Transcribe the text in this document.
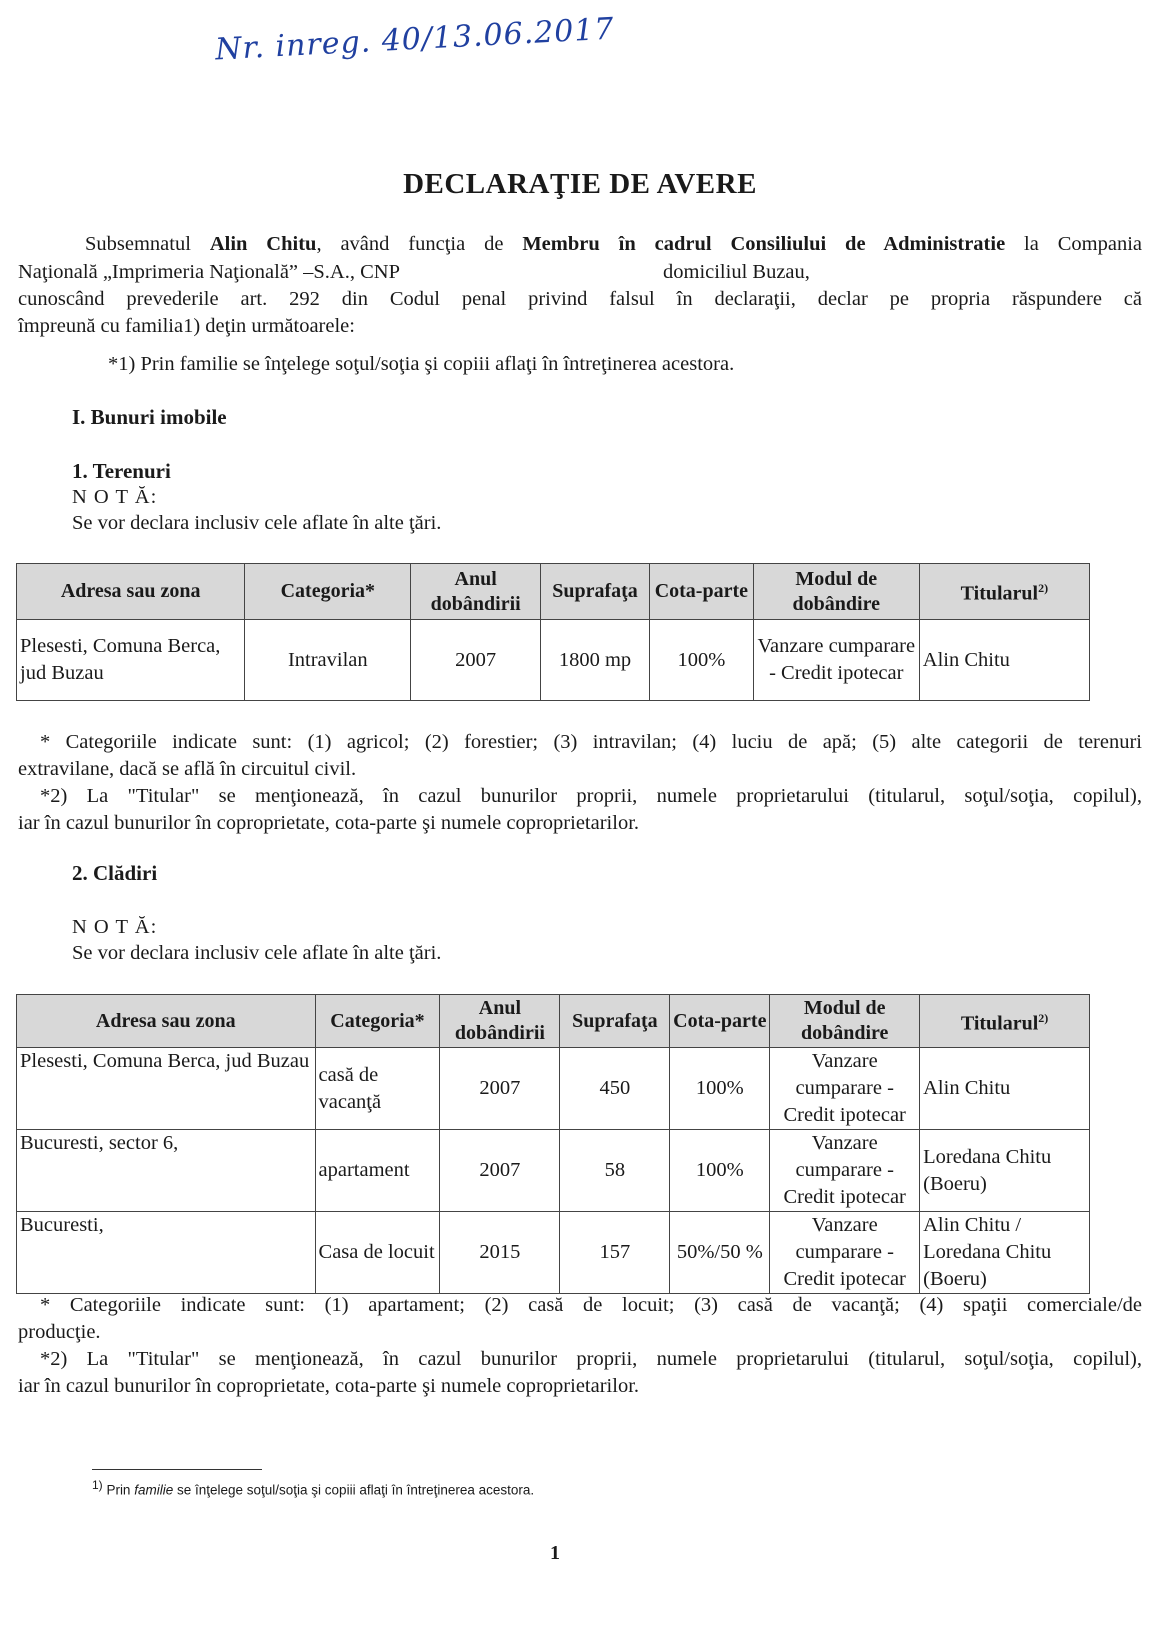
Nr. inreg. 40/13.06.2017
DECLARAŢIE DE AVERE
Subsemnatul Alin Chitu, având funcţia de Membru în cadrul Consiliului de Administratie la Compania
Naţională „Imprimeria Naţională” –S.A., CNP	domiciliul Buzau,
cunoscând prevederile art. 292 din Codul penal privind falsul în declaraţii, declar pe propria răspundere că
împreună cu familia1) deţin următoarele:
*1) Prin familie se înţelege soţul/soţia şi copiii aflaţi în întreţinerea acestora.
I. Bunuri imobile
1. Terenuri
N O T Ă:
Se vor declara inclusiv cele aflate în alte ţări.
Adresa sau zona	Categoria*	Anul dobândirii	Suprafaţa	Cota-parte	Modul de dobândire	Titularul$^{2)}$
Plesesti, Comuna Berca, jud Buzau	Intravilan	2007	1800 mp	100%	Vanzare cumparare - Credit ipotecar	Alin Chitu
* Categoriile indicate sunt: (1) agricol; (2) forestier; (3) intravilan; (4) luciu de apă; (5) alte categorii de terenuri
extravilane, dacă se află în circuitul civil.
*2) La "Titular" se menţionează, în cazul bunurilor proprii, numele proprietarului (titularul, soţul/soţia, copilul),
iar în cazul bunurilor în coproprietate, cota-parte şi numele coproprietarilor.
2. Clădiri
N O T Ă:
Se vor declara inclusiv cele aflate în alte ţări.
Adresa sau zona	Categoria*	Anul dobândirii	Suprafaţa	Cota-parte	Modul de dobândire	Titularul$^{2)}$
Plesesti, Comuna Berca, jud Buzau	casă de vacanţă	2007	450	100%	Vanzare cumparare - Credit ipotecar	Alin Chitu
Bucuresti, sector 6,	apartament	2007	58	100%	Vanzare cumparare - Credit ipotecar	Loredana Chitu (Boeru)
Bucuresti,	Casa de locuit	2015	157	50%/50 %	Vanzare cumparare - Credit ipotecar	Alin Chitu / Loredana Chitu (Boeru)
* Categoriile indicate sunt: (1) apartament; (2) casă de locuit; (3) casă de vacanţă; (4) spaţii comerciale/de
producţie.
*2) La "Titular" se menţionează, în cazul bunurilor proprii, numele proprietarului (titularul, soţul/soţia, copilul),
iar în cazul bunurilor în coproprietate, cota-parte şi numele coproprietarilor.
$^{1)}$ Prin familie se înţelege soţul/soţia şi copiii aflaţi în întreţinerea acestora.
1
